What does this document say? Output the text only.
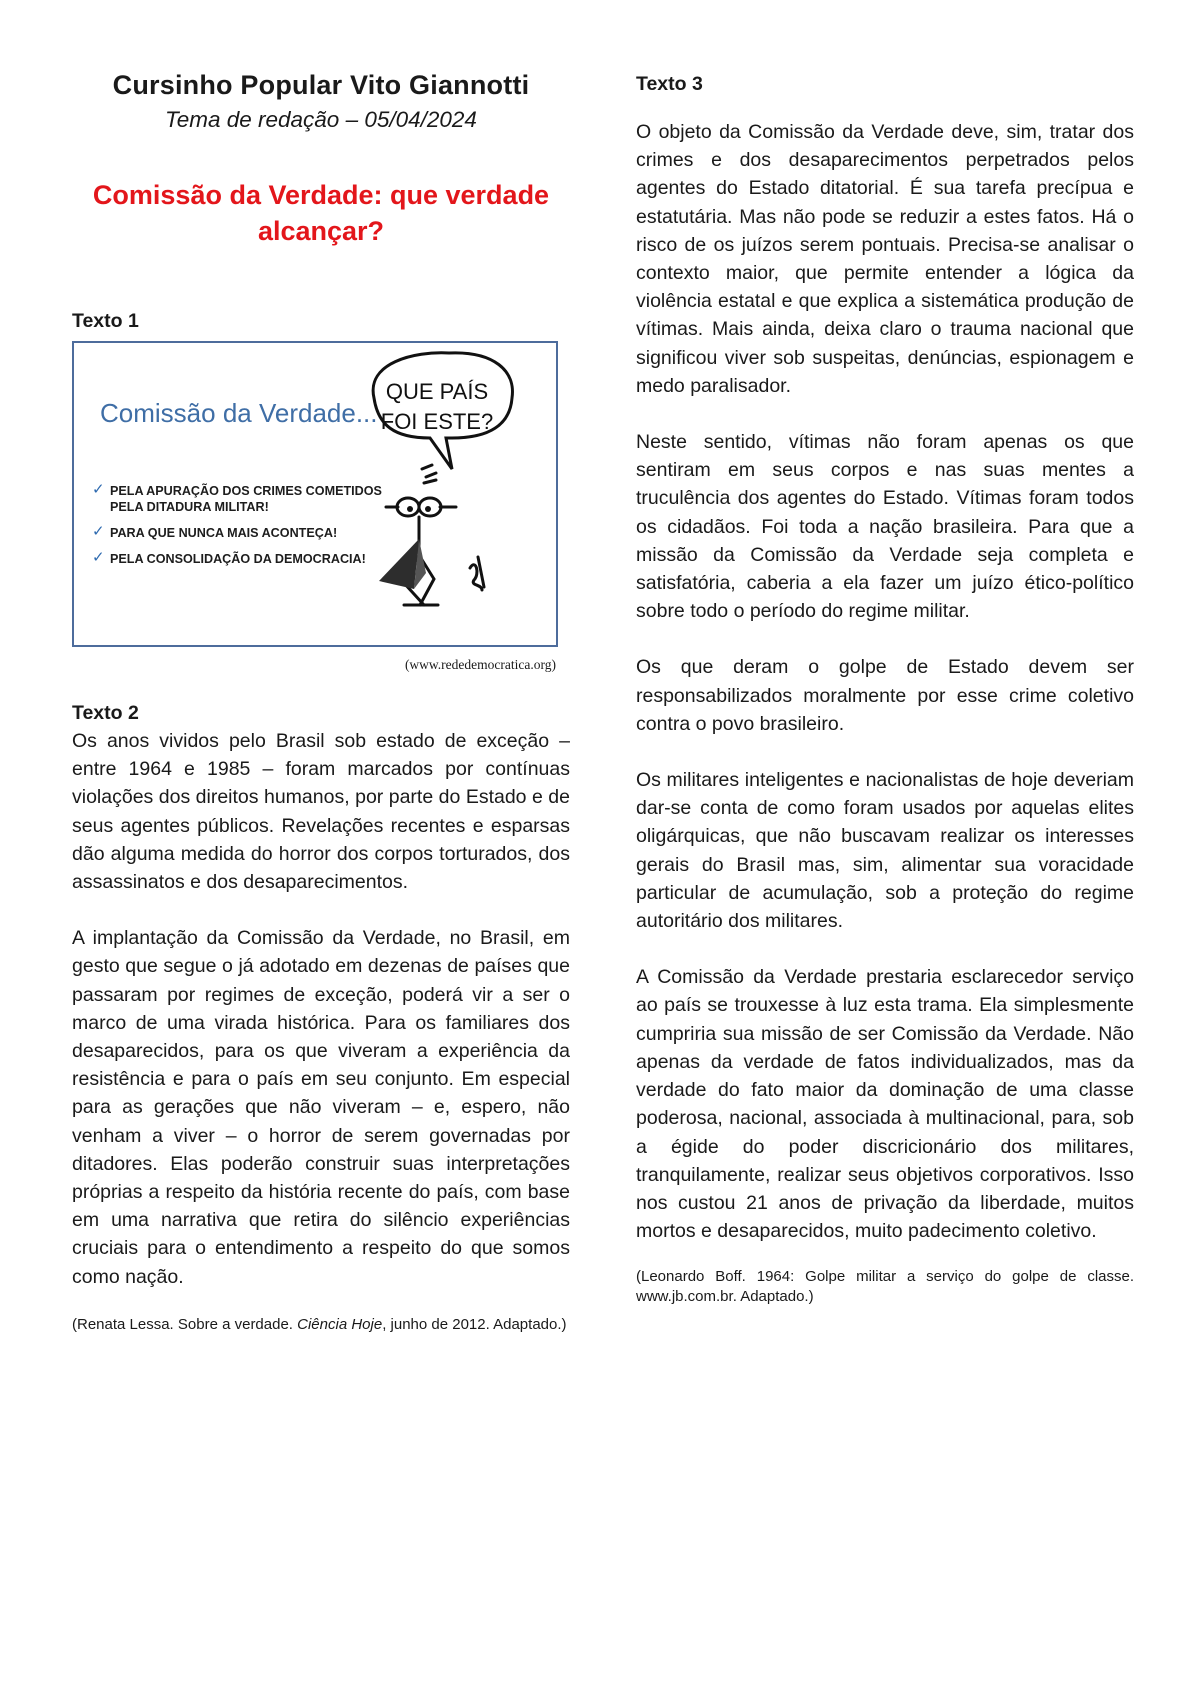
Cursinho Popular Vito Giannotti

Tema de redação – 05/04/2024

Comissão da Verdade: que verdade alcançar?
Texto 1
Comissão da Verdade...
QUE PAÍS FOI ESTE?
✓ PELA APURAÇÃO DOS CRIMES COMETIDOS PELA DITADURA MILITAR!
✓ PARA QUE NUNCA MAIS ACONTEÇA!
✓ PELA CONSOLIDAÇÃO DA DEMOCRACIA!

(www.rededemocratica.org)

Texto 2

Os anos vividos pelo Brasil sob estado de exceção – entre 1964 e 1985 – foram marcados por contínuas violações dos direitos humanos, por parte do Estado e de seus agentes públicos. Revelações recentes e esparsas dão alguma medida do horror dos corpos torturados, dos assassinatos e dos desaparecimentos.

A implantação da Comissão da Verdade, no Brasil, em gesto que segue o já adotado em dezenas de países que passaram por regimes de exceção, poderá vir a ser o marco de uma virada histórica. Para os familiares dos desaparecidos, para os que viveram a experiência da resistência e para o país em seu conjunto. Em especial para as gerações que não viveram – e, espero, não venham a viver – o horror de serem governadas por ditadores. Elas poderão construir suas interpretações próprias a respeito da história recente do país, com base em uma narrativa que retira do silêncio experiências cruciais para o entendimento a respeito do que somos como nação.

(Renata Lessa. Sobre a verdade. Ciência Hoje, junho de 2012. Adaptado.)

Texto 3

O objeto da Comissão da Verdade deve, sim, tratar dos crimes e dos desaparecimentos perpetrados pelos agentes do Estado ditatorial. É sua tarefa precípua e estatutária. Mas não pode se reduzir a estes fatos. Há o risco de os juízos serem pontuais. Precisa-se analisar o contexto maior, que permite entender a lógica da violência estatal e que explica a sistemática produção de vítimas. Mais ainda, deixa claro o trauma nacional que significou viver sob suspeitas, denúncias, espionagem e medo paralisador.

Neste sentido, vítimas não foram apenas os que sentiram em seus corpos e nas suas mentes a truculência dos agentes do Estado. Vítimas foram todos os cidadãos. Foi toda a nação brasileira. Para que a missão da Comissão da Verdade seja completa e satisfatória, caberia a ela fazer um juízo ético-político sobre todo o período do regime militar.

Os que deram o golpe de Estado devem ser responsabilizados moralmente por esse crime coletivo contra o povo brasileiro.

Os militares inteligentes e nacionalistas de hoje deveriam dar-se conta de como foram usados por aquelas elites oligárquicas, que não buscavam realizar os interesses gerais do Brasil mas, sim, alimentar sua voracidade particular de acumulação, sob a proteção do regime autoritário dos militares.

A Comissão da Verdade prestaria esclarecedor serviço ao país se trouxesse à luz esta trama. Ela simplesmente cumpriria sua missão de ser Comissão da Verdade. Não apenas da verdade de fatos individualizados, mas da verdade do fato maior da dominação de uma classe poderosa, nacional, associada à multinacional, para, sob a égide do poder discricionário dos militares, tranquilamente, realizar seus objetivos corporativos. Isso nos custou 21 anos de privação da liberdade, muitos mortos e desaparecidos, muito padecimento coletivo.

(Leonardo Boff. 1964: Golpe militar a serviço do golpe de classe. www.jb.com.br. Adaptado.)
